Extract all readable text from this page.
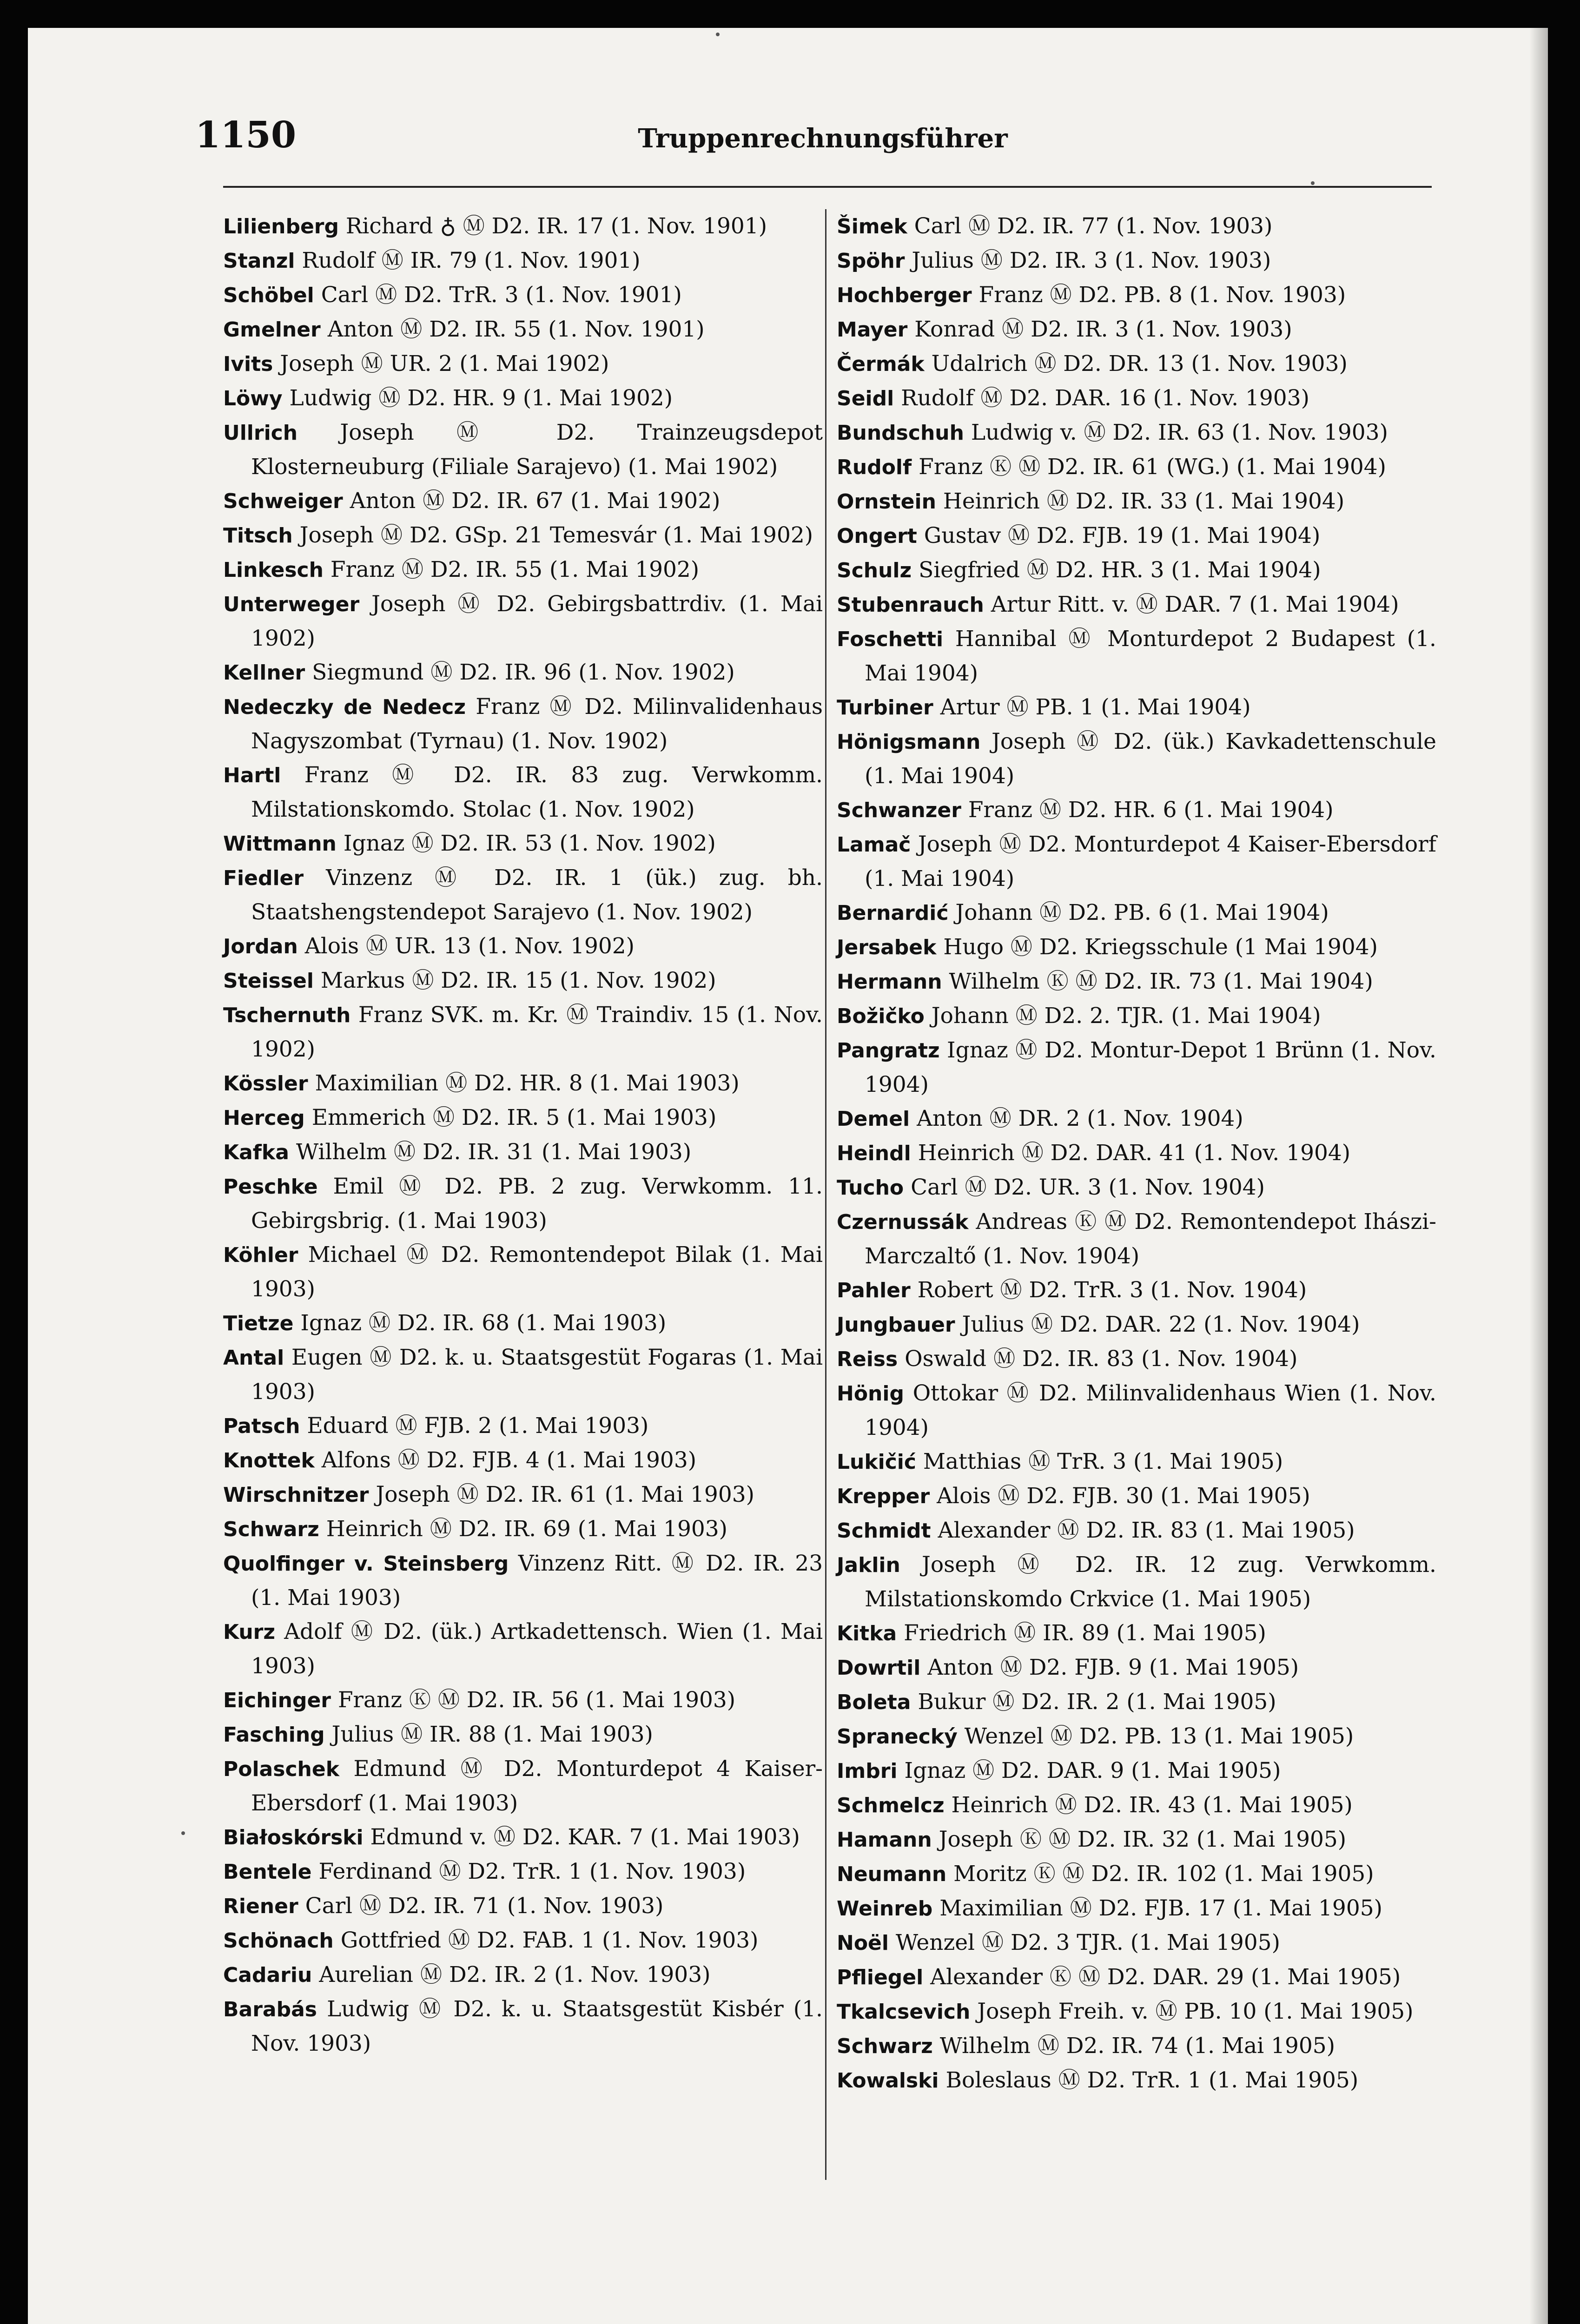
1150	Truppenrechnungsführer

Lilienberg Richard ♁ Ⓜ D2. IR. 17 (1. Nov. 1901)

Stanzl Rudolf Ⓜ IR. 79 (1. Nov. 1901)

Schöbel Carl Ⓜ D2. TrR. 3 (1. Nov. 1901)

Gmelner Anton Ⓜ D2. IR. 55 (1. Nov. 1901)

Ivits Joseph Ⓜ UR. 2 (1. Mai 1902)

Löwy Ludwig Ⓜ D2. HR. 9 (1. Mai 1902)

Ullrich Joseph Ⓜ D2. Trainzeugsdepot Klosterneuburg (Filiale Sarajevo) (1. Mai 1902)

Schweiger Anton Ⓜ D2. IR. 67 (1. Mai 1902)

Titsch Joseph Ⓜ D2. GSp. 21 Temesvár (1. Mai 1902)

Linkesch Franz Ⓜ D2. IR. 55 (1. Mai 1902)

Unterweger Joseph Ⓜ D2. Gebirgsbattrdiv. (1. Mai 1902)

Kellner Siegmund Ⓜ D2. IR. 96 (1. Nov. 1902)

Nedeczky de Nedecz Franz Ⓜ D2. Milinvalidenhaus Nagyszombat (Tyrnau) (1. Nov. 1902)

Hartl Franz Ⓜ D2. IR. 83 zug. Verwkomm. Milstationskomdo. Stolac (1. Nov. 1902)

Wittmann Ignaz Ⓜ D2. IR. 53 (1. Nov. 1902)

Fiedler Vinzenz Ⓜ D2. IR. 1 (ük.) zug. bh. Staatshengstendepot Sarajevo (1. Nov. 1902)

Jordan Alois Ⓜ UR. 13 (1. Nov. 1902)

Steissel Markus Ⓜ D2. IR. 15 (1. Nov. 1902)

Tschernuth Franz SVK. m. Kr. Ⓜ Traindiv. 15 (1. Nov. 1902)

Kössler Maximilian Ⓜ D2. HR. 8 (1. Mai 1903)

Herceg Emmerich Ⓜ D2. IR. 5 (1. Mai 1903)

Kafka Wilhelm Ⓜ D2. IR. 31 (1. Mai 1903)

Peschke Emil Ⓜ D2. PB. 2 zug. Verwkomm. 11. Gebirgsbrig. (1. Mai 1903)

Köhler Michael Ⓜ D2. Remontendepot Bilak (1. Mai 1903)

Tietze Ignaz Ⓜ D2. IR. 68 (1. Mai 1903)

Antal Eugen Ⓜ D2. k. u. Staatsgestüt Fogaras (1. Mai 1903)

Patsch Eduard Ⓜ FJB. 2 (1. Mai 1903)

Knottek Alfons Ⓜ D2. FJB. 4 (1. Mai 1903)

Wirschnitzer Joseph Ⓜ D2. IR. 61 (1. Mai 1903)

Schwarz Heinrich Ⓜ D2. IR. 69 (1. Mai 1903)

Quolfinger v. Steinsberg Vinzenz Ritt. Ⓜ D2. IR. 23 (1. Mai 1903)

Kurz Adolf Ⓜ D2. (ük.) Artkadettensch. Wien (1. Mai 1903)

Eichinger Franz Ⓚ Ⓜ D2. IR. 56 (1. Mai 1903)

Fasching Julius Ⓜ IR. 88 (1. Mai 1903)

Polaschek Edmund Ⓜ D2. Monturdepot 4 Kaiser-Ebersdorf (1. Mai 1903)

Białoskórski Edmund v. Ⓜ D2. KAR. 7 (1. Mai 1903)

Bentele Ferdinand Ⓜ D2. TrR. 1 (1. Nov. 1903)

Riener Carl Ⓜ D2. IR. 71 (1. Nov. 1903)

Schönach Gottfried Ⓜ D2. FAB. 1 (1. Nov. 1903)

Cadariu Aurelian Ⓜ D2. IR. 2 (1. Nov. 1903)

Barabás Ludwig Ⓜ D2. k. u. Staatsgestüt Kisbér (1. Nov. 1903)

Šimek Carl Ⓜ D2. IR. 77 (1. Nov. 1903)

Spöhr Julius Ⓜ D2. IR. 3 (1. Nov. 1903)

Hochberger Franz Ⓜ D2. PB. 8 (1. Nov. 1903)

Mayer Konrad Ⓜ D2. IR. 3 (1. Nov. 1903)

Čermák Udalrich Ⓜ D2. DR. 13 (1. Nov. 1903)

Seidl Rudolf Ⓜ D2. DAR. 16 (1. Nov. 1903)

Bundschuh Ludwig v. Ⓜ D2. IR. 63 (1. Nov. 1903)

Rudolf Franz Ⓚ Ⓜ D2. IR. 61 (WG.) (1. Mai 1904)

Ornstein Heinrich Ⓜ D2. IR. 33 (1. Mai 1904)

Ongert Gustav Ⓜ D2. FJB. 19 (1. Mai 1904)

Schulz Siegfried Ⓜ D2. HR. 3 (1. Mai 1904)

Stubenrauch Artur Ritt. v. Ⓜ DAR. 7 (1. Mai 1904)

Foschetti Hannibal Ⓜ Monturdepot 2 Budapest (1. Mai 1904)

Turbiner Artur Ⓜ PB. 1 (1. Mai 1904)

Hönigsmann Joseph Ⓜ D2. (ük.) Kavkadettenschule (1. Mai 1904)

Schwanzer Franz Ⓜ D2. HR. 6 (1. Mai 1904)

Lamač Joseph Ⓜ D2. Monturdepot 4 Kaiser-Ebersdorf (1. Mai 1904)

Bernardić Johann Ⓜ D2. PB. 6 (1. Mai 1904)

Jersabek Hugo Ⓜ D2. Kriegsschule (1 Mai 1904)

Hermann Wilhelm Ⓚ Ⓜ D2. IR. 73 (1. Mai 1904)

Božičko Johann Ⓜ D2. 2. TJR. (1. Mai 1904)

Pangratz Ignaz Ⓜ D2. Montur-Depot 1 Brünn (1. Nov. 1904)

Demel Anton Ⓜ DR. 2 (1. Nov. 1904)

Heindl Heinrich Ⓜ D2. DAR. 41 (1. Nov. 1904)

Tucho Carl Ⓜ D2. UR. 3 (1. Nov. 1904)

Czernussák Andreas Ⓚ Ⓜ D2. Remontendepot Ihászi-Marczaltő (1. Nov. 1904)

Pahler Robert Ⓜ D2. TrR. 3 (1. Nov. 1904)

Jungbauer Julius Ⓜ D2. DAR. 22 (1. Nov. 1904)

Reiss Oswald Ⓜ D2. IR. 83 (1. Nov. 1904)

Hönig Ottokar Ⓜ D2. Milinvalidenhaus Wien (1. Nov. 1904)

Lukičić Matthias Ⓜ TrR. 3 (1. Mai 1905)

Krepper Alois Ⓜ D2. FJB. 30 (1. Mai 1905)

Schmidt Alexander Ⓜ D2. IR. 83 (1. Mai 1905)

Jaklin Joseph Ⓜ D2. IR. 12 zug. Verwkomm. Milstationskomdo Crkvice (1. Mai 1905)

Kitka Friedrich Ⓜ IR. 89 (1. Mai 1905)

Dowrtil Anton Ⓜ D2. FJB. 9 (1. Mai 1905)

Boleta Bukur Ⓜ D2. IR. 2 (1. Mai 1905)

Spranecký Wenzel Ⓜ D2. PB. 13 (1. Mai 1905)

Imbri Ignaz Ⓜ D2. DAR. 9 (1. Mai 1905)

Schmelcz Heinrich Ⓜ D2. IR. 43 (1. Mai 1905)

Hamann Joseph Ⓚ Ⓜ D2. IR. 32 (1. Mai 1905)

Neumann Moritz Ⓚ Ⓜ D2. IR. 102 (1. Mai 1905)

Weinreb Maximilian Ⓜ D2. FJB. 17 (1. Mai 1905)

Noël Wenzel Ⓜ D2. 3 TJR. (1. Mai 1905)

Pfliegel Alexander Ⓚ Ⓜ D2. DAR. 29 (1. Mai 1905)

Tkalcsevich Joseph Freih. v. Ⓜ PB. 10 (1. Mai 1905)

Schwarz Wilhelm Ⓜ D2. IR. 74 (1. Mai 1905)

Kowalski Boleslaus Ⓜ D2. TrR. 1 (1. Mai 1905)
